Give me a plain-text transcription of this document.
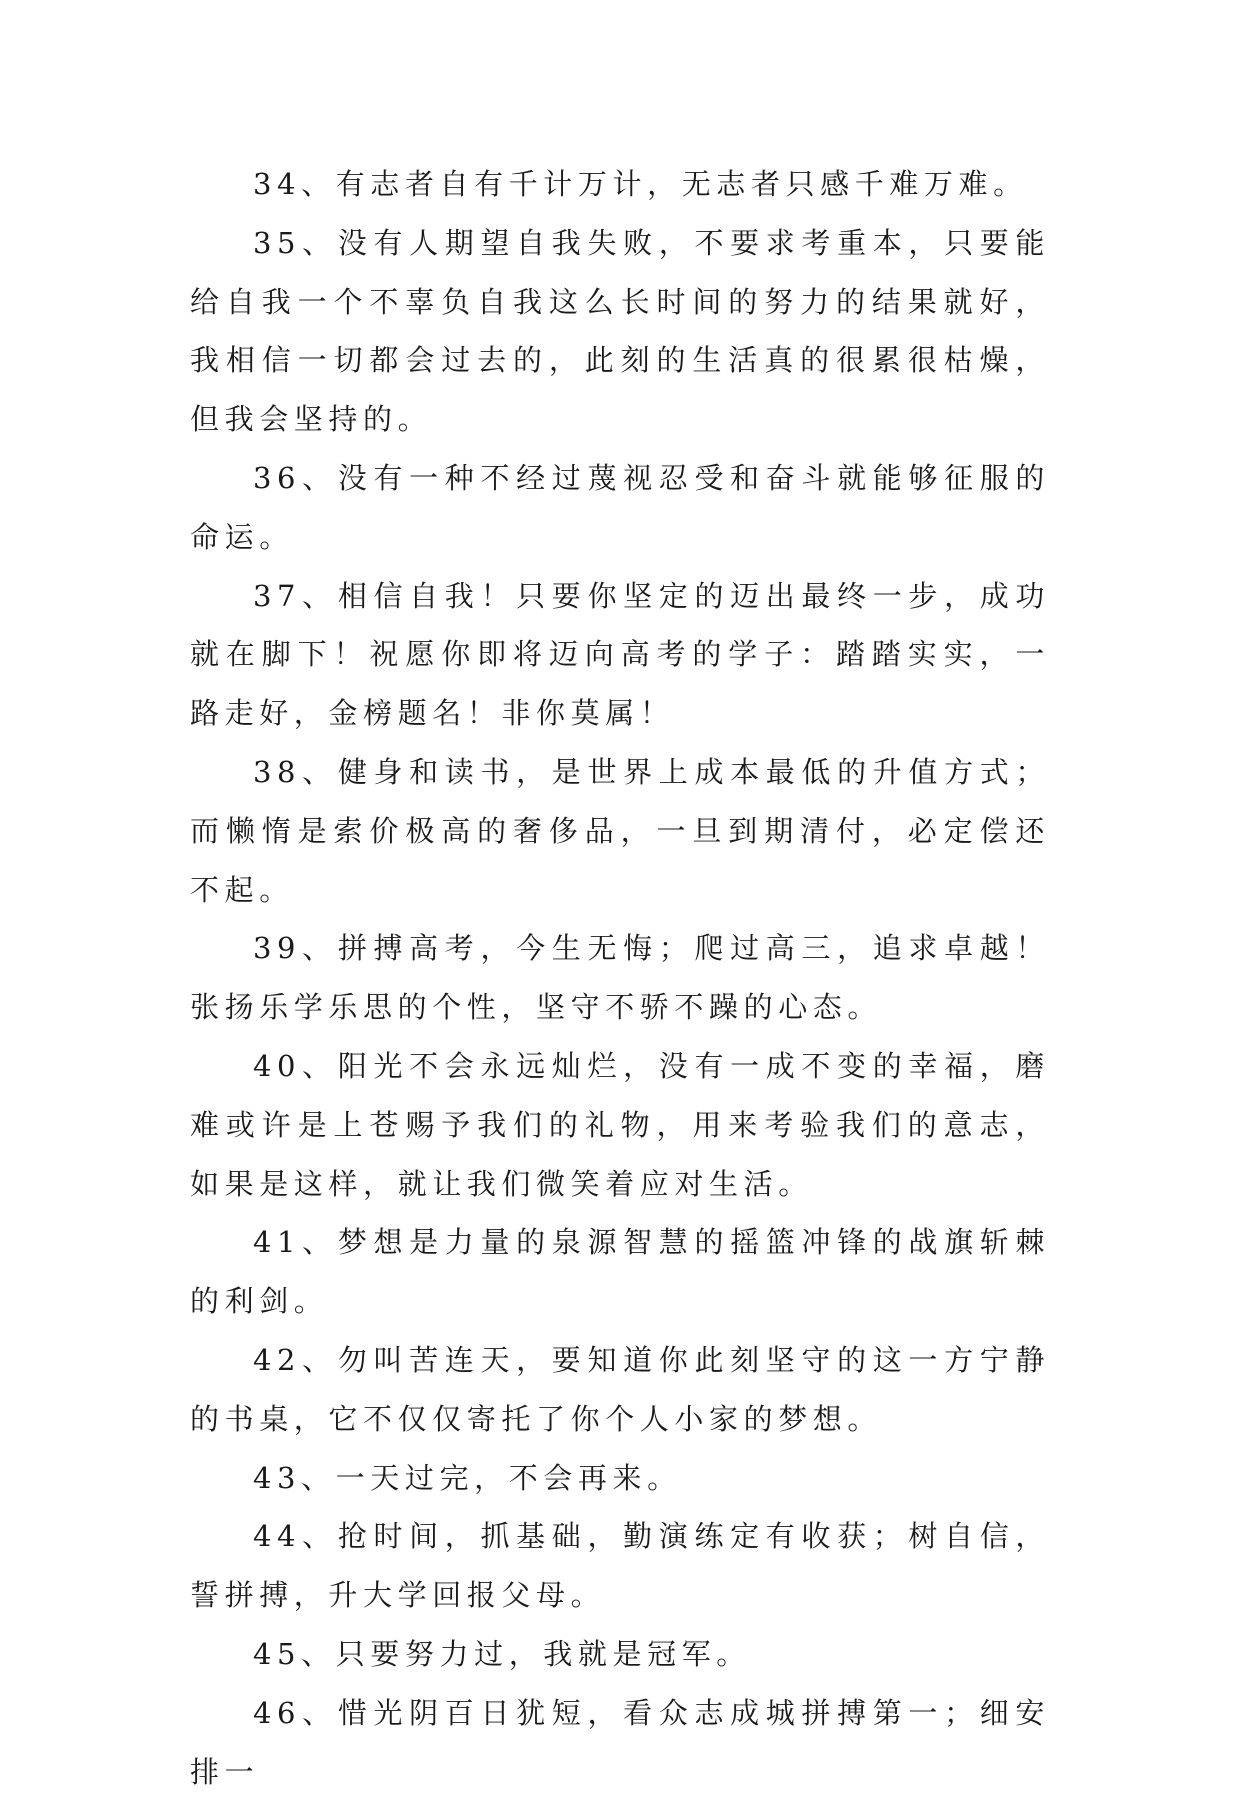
34、有志者自有千计万计，无志者只感千难万难。

35、没有人期望自我失败，不要求考重本，只要能给自我一个不辜负自我这么长时间的努力的结果就好，我相信一切都会过去的，此刻的生活真的很累很枯燥，但我会坚持的。

36、没有一种不经过蔑视忍受和奋斗就能够征服的命运。

37、相信自我！只要你坚定的迈出最终一步，成功就在脚下！祝愿你即将迈向高考的学子：踏踏实实，一路走好，金榜题名！非你莫属！

38、健身和读书，是世界上成本最低的升值方式；而懒惰是索价极高的奢侈品，一旦到期清付，必定偿还不起。

39、拼搏高考，今生无悔；爬过高三，追求卓越！张扬乐学乐思的个性，坚守不骄不躁的心态。

40、阳光不会永远灿烂，没有一成不变的幸福，磨难或许是上苍赐予我们的礼物，用来考验我们的意志，如果是这样，就让我们微笑着应对生活。

41、梦想是力量的泉源智慧的摇篮冲锋的战旗斩棘的利剑。

42、勿叫苦连天，要知道你此刻坚守的这一方宁静的书桌，它不仅仅寄托了你个人小家的梦想。

43、一天过完，不会再来。

44、抢时间，抓基础，勤演练定有收获；树自信，誓拼搏，升大学回报父母。

45、只要努力过，我就是冠军。

46、惜光阴百日犹短，看众志成城拼搏第一；细安排一
